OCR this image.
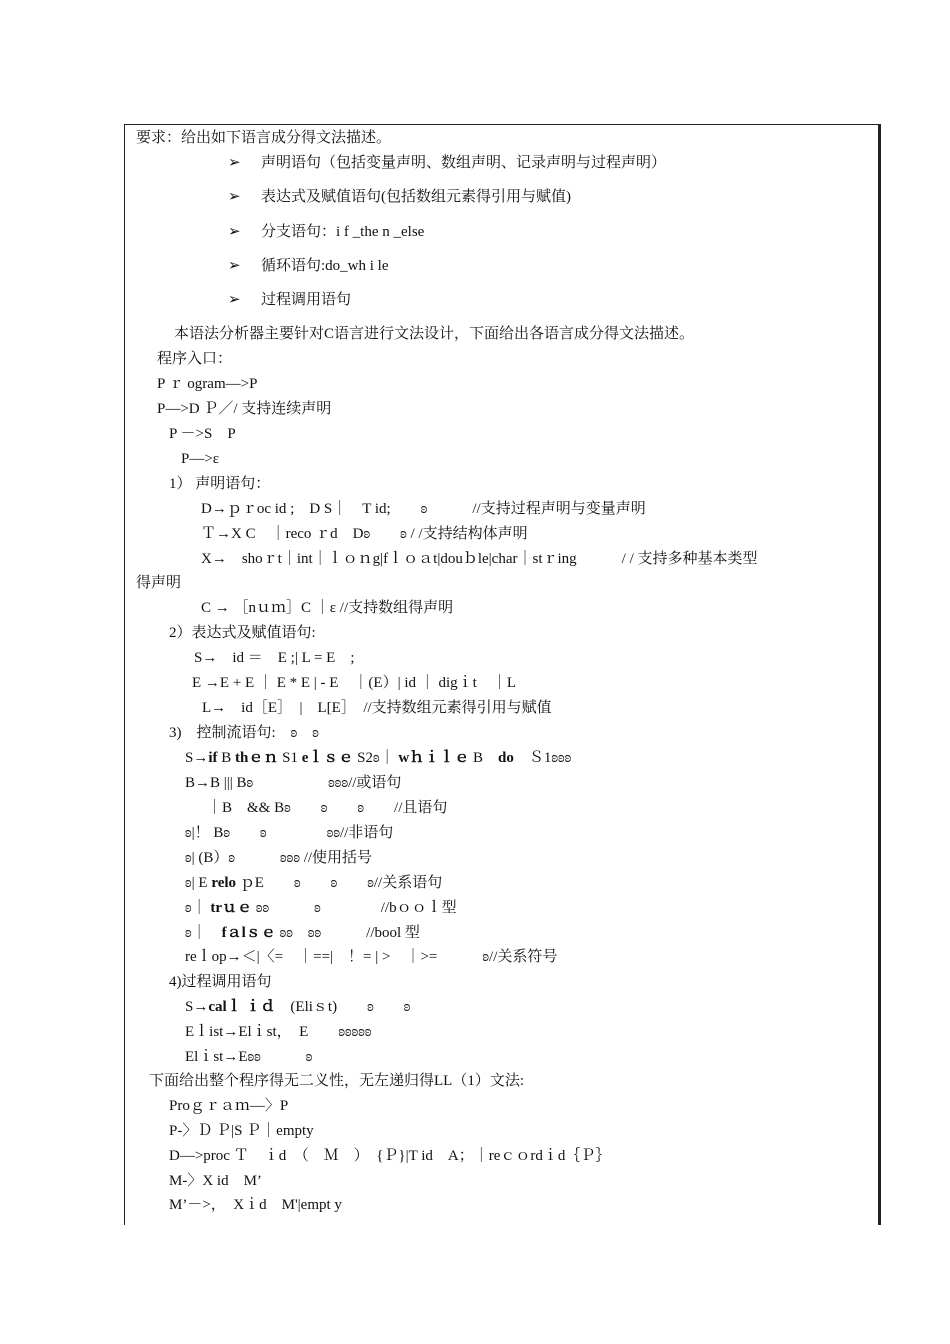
要求：给出如下语言成分得文法描述。
➢ 声明语句（包括变量声明、数组声明、记录声明与过程声明）
➢ 表达式及赋值语句(包括数组元素得引用与赋值)
➢ 分支语句：i f _the n _else
➢ 循环语句:do_wh i le
➢ 过程调用语句
本语法分析器主要针对C语言进行文法设计，下面给出各语言成分得文法描述。
程序入口：
P ｒ ogram—>P
P—>D Ｐ／/ 支持连续声明
P －>S　P
P—>ε
1） 声明语句：
D→ｐｒoc id ;　D S｜　T id;　　ʚ　　　//支持过程声明与变量声明
Ｔ→X C　｜reco ｒd　Dʚ　　ʚ / /支持结构体声明
X→　shoｒt｜int｜ｌｏｎg|fｌｏａt|douｂle|char｜stｒing　　　/ / 支持多种基本类型
得声明
C → ［nｕｍ］C ｜ε //支持数组得声明
2）表达式及赋值语句:
S→　id ＝　E ;| L = E　;
E →E + E ｜ E * E | - E　｜(E）| id ｜ digｉt　｜L
L→　id［E］　|　L[E］　//支持数组元素得引用与赋值
3)　控制流语句:　ʚ　ʚ
S→if B thｅｎ S1 eｌｓｅ S2ʚ｜ wｈｉｌｅ B　do　Ｓ1ʚʚʚ
B→B ||| Bʚ　　　　　ʚʚʚ//或语句
｜B　&& Bʚ　　ʚ　　ʚ　　//且语句
ʚ|！ Bʚ　　ʚ　　　　ʚʚ//非语句
ʚ| (B）ʚ　　　ʚʚʚ //使用括号
ʚ| E relo ｐE　　ʚ　　ʚ　　ʚ//关系语句
ʚ｜ trｕｅ ʚʚ　　　ʚ　　　　//bｏｏｌ型
ʚ｜　fａlｓｅ ʚʚ　ʚʚ　　　//bool 型
reｌop→＜|〈=　｜==|　！= | >　｜>=　　　ʚ//关系符号
4)过程调用语句
S→calｌ ｉｄ　(Eliｓt)　　ʚ　　ʚ
Eｌist→Elｉst，　E　　ʚʚʚʚʚ
Elｉst→Eʚʚ　　　ʚ
下面给出整个程序得无二义性，无左递归得LL（1）文法:
Proｇｒａｍ—〉P
P-〉Ｄ Ｐ|S Ｐ｜empty
D—>proc Ｔ　ｉd　（　Ｍ　）　{Ｐ}|T id　A；｜reｃｏrdｉd｛Ｐ｝
M-〉X id　M’
M’－>，　Xｉd　M'|empt y
